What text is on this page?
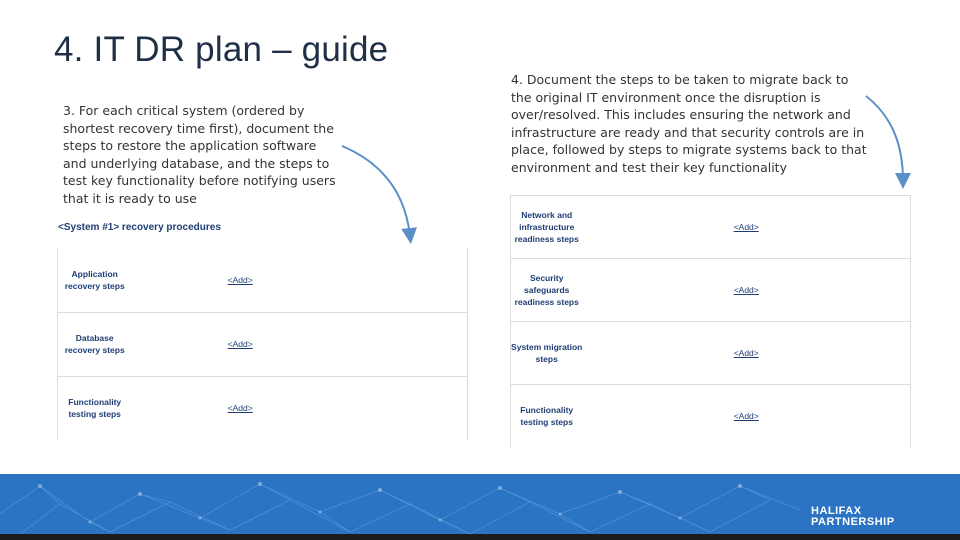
4. IT DR plan – guide

3. For each critical system (ordered by shortest recovery time first), document the steps to restore the application software and underlying database, and the steps to test key functionality before notifying users that it is ready to use

4. Document the steps to be taken to migrate back to the original IT environment once the disruption is over/resolved. This includes ensuring the network and infrastructure are ready and that security controls are in place, followed by steps to migrate systems back to that environment and test their key functionality

<System #1> recovery procedures
Application recovery steps	<Add>
Database recovery steps	<Add>
Functionality testing steps	<Add>
Network and infrastructure readiness steps	<Add>
Security safeguards readiness steps	<Add>
System migration steps	<Add>
Functionality testing steps	<Add>
HALIFAX
PARTNERSHIP
